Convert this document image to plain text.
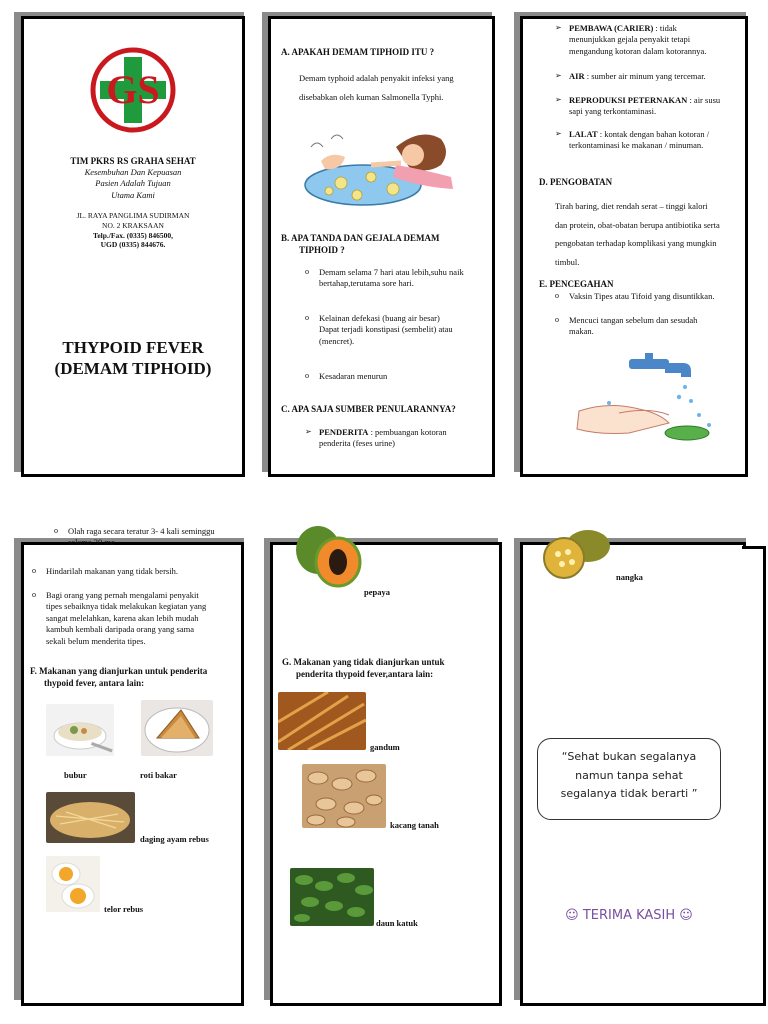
GS
TIM PKRS RS GRAHA SEHAT
Kesembuhan Dan Kepuasan
Pasien Adalah Tujuan
Utama Kami
JL. RAYA PANGLIMA SUDIRMAN
NO. 2 KRAKSAAN
Telp./Fax. (0335) 846500,
UGD (0335) 844676.
THYPOID FEVER
(DEMAM TIPHOID)
A. APAKAH DEMAM TIPHOID ITU ?
Demam typhoid adalah penyakit infeksi yang
disebabkan oleh kuman Salmonella Typhi.
B. APA TANDA DAN GEJALA DEMAM
TIPHOID ?
o Demam selama 7 hari atau lebih,suhu naik
bertahap,terutama sore hari.
o Kelainan defekasi (buang air besar)
Dapat terjadi konstipasi (sembelit) atau
(mencret).
o Kesadaran menurun
C. APA SAJA SUMBER PENULARANNYA?
➢ PENDERITA : pembuangan kotoran
penderita (feses urine)
➢ PEMBAWA (CARIER) : tidak
menunjukkan gejala penyakit tetapi
mengandung kotoran dalam kotorannya.
➢ AIR : sumber air minum yang tercemar.
➢ REPRODUKSI PETERNAKAN : air susu
sapi yang terkontaminasi.
➢ LALAT : kontak dengan bahan kotoran /
terkontaminasi ke makanan / minuman.
D. PENGOBATAN
Tirah baring, diet rendah serat – tinggi kalori
dan protein, obat-obatan berupa antibiotika serta
pengobatan terhadap komplikasi yang mungkin
timbul.
E. PENCEGAHAN
o Vaksin Tipes atau Tifoid yang disuntikkan.
o Mencuci tangan sebelum dan sesudah
makan.
o Olah raga secara teratur 3- 4 kali seminggu
selama 30 me
o Hindarilah makanan yang tidak bersih.
o Bagi orang yang pernah mengalami penyakit
tipes sebaiknya tidak melakukan kegiatan yang
sangat melelahkan, karena akan lebih mudah
kambuh kembali daripada orang yang sama
sekali belum menderita tipes.
F. Makanan yang dianjurkan untuk penderita
thypoid fever, antara lain:
bubur	roti bakar
daging ayam rebus
telor rebus
pepaya
G. Makanan yang tidak dianjurkan untuk
penderita thypoid fever,antara lain:
gandum
kacang tanah
daun katuk
nangka
“Sehat bukan segalanya
namun tanpa sehat
segalanya tidak berarti ”
☺ TERIMA KASIH ☺
